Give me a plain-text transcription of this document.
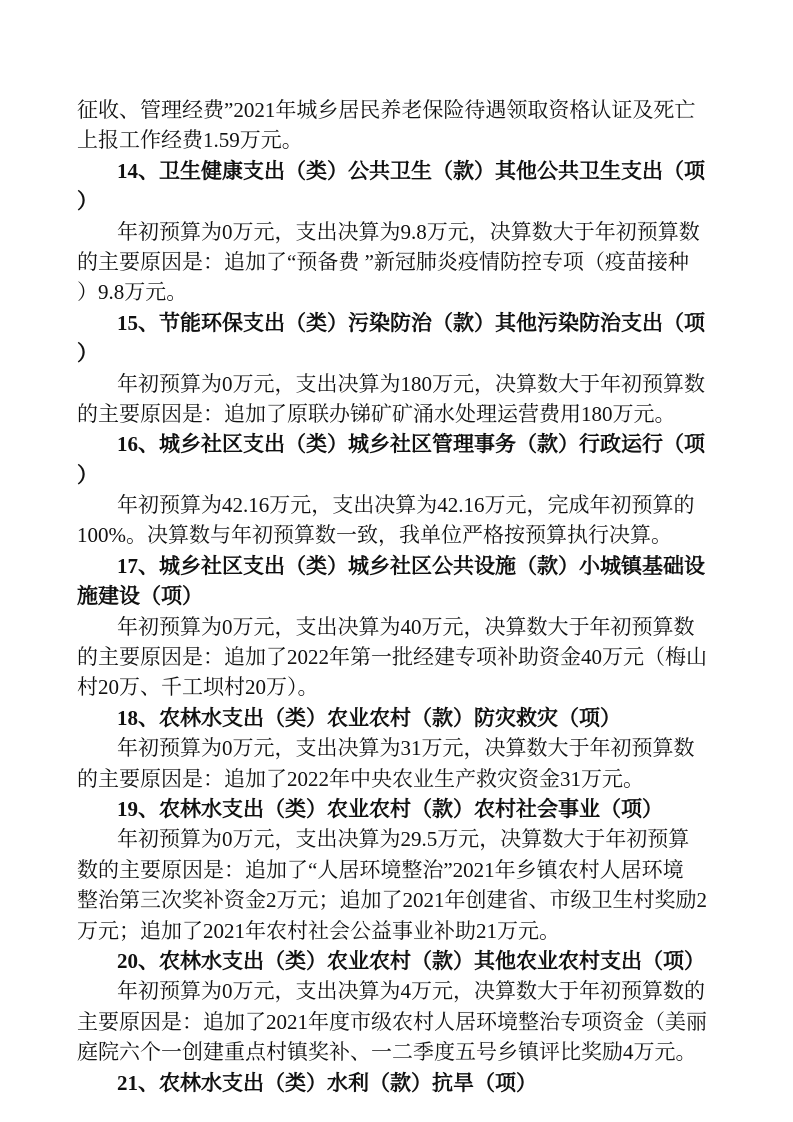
征收、管理经费”2021年城乡居民养老保险待遇领取资格认证及死亡
上报工作经费1.59万元。
14、卫生健康支出（类）公共卫生（款）其他公共卫生支出（项
）
年初预算为0万元，支出决算为9.8万元，决算数大于年初预算数
的主要原因是：追加了“预备费 ”新冠肺炎疫情防控专项（疫苗接种
）9.8万元。
15、节能环保支出（类）污染防治（款）其他污染防治支出（项
）
年初预算为0万元，支出决算为180万元，决算数大于年初预算数
的主要原因是：追加了原联办锑矿矿涌水处理运营费用180万元。
16、城乡社区支出（类）城乡社区管理事务（款）行政运行（项
）
年初预算为42.16万元，支出决算为42.16万元，完成年初预算的
100%。决算数与年初预算数一致，我单位严格按预算执行决算。
17、城乡社区支出（类）城乡社区公共设施（款）小城镇基础设
施建设（项）
年初预算为0万元，支出决算为40万元，决算数大于年初预算数
的主要原因是：追加了2022年第一批经建专项补助资金40万元（梅山
村20万、千工坝村20万）。
18、农林水支出（类）农业农村（款）防灾救灾（项）
年初预算为0万元，支出决算为31万元，决算数大于年初预算数
的主要原因是：追加了2022年中央农业生产救灾资金31万元。
19、农林水支出（类）农业农村（款）农村社会事业（项）
年初预算为0万元，支出决算为29.5万元，决算数大于年初预算
数的主要原因是：追加了“人居环境整治”2021年乡镇农村人居环境
整治第三次奖补资金2万元；追加了2021年创建省、市级卫生村奖励2
万元；追加了2021年农村社会公益事业补助21万元。
20、农林水支出（类）农业农村（款）其他农业农村支出（项）
年初预算为0万元，支出决算为4万元，决算数大于年初预算数的
主要原因是：追加了2021年度市级农村人居环境整治专项资金（美丽
庭院六个一创建重点村镇奖补、一二季度五号乡镇评比奖励4万元。
21、农林水支出（类）水利（款）抗旱（项）
